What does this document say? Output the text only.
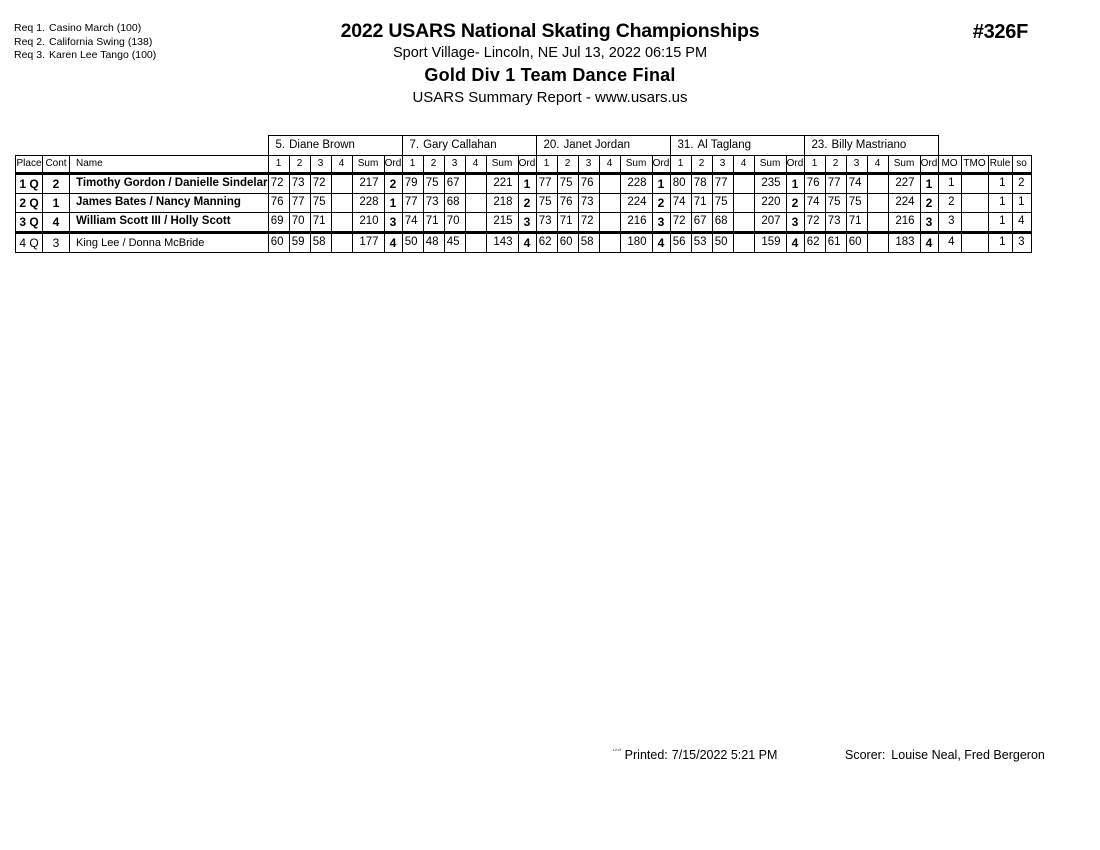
Req 1. Casino March (100)
Req 2. California Swing (138)
Req 3. Karen Lee Tango (100)
2022 USARS National Skating Championships
Sport Village- Lincoln, NE Jul 13, 2022 06:15 PM
Gold Div 1 Team Dance Final
USARS Summary Report - www.usars.us
#326F
			5. Diane Brown						7. Gary Callahan						20. Janet Jordan						31. Al Taglang						23. Billy Mastriano									
Place	Cont	Name	1	2	3	4	Sum	Ord	1	2	3	4	Sum	Ord	1	2	3	4	Sum	Ord	1	2	3	4	Sum	Ord	1	2	3	4	Sum	Ord	MO	TMO	Rule	so
1 Q	2	Timothy Gordon / Danielle Sindelar	72	73	72		217	2	79	75	67		221	1	77	75	76		228	1	80	78	77		235	1	76	77	74		227	1	1		1	2
2 Q	1	James Bates / Nancy Manning	76	77	75		228	1	77	73	68		218	2	75	76	73		224	2	74	71	75		220	2	74	75	75		224	2	2		1	1
3 Q	4	William Scott III / Holly Scott	69	70	71		210	3	74	71	70		215	3	73	71	72		216	3	72	67	68		207	3	72	73	71		216	3	3		1	4
4 Q	3	King Lee / Donna McBride	60	59	58		177	4	50	48	45		143	4	62	60	58		180	4	56	53	50		159	4	62	61	60		183	4	4		1	3
$^{^{1212}}$ Printed: 7/15/2022 5:21 PM	Scorer: Louise Neal, Fred Bergeron
